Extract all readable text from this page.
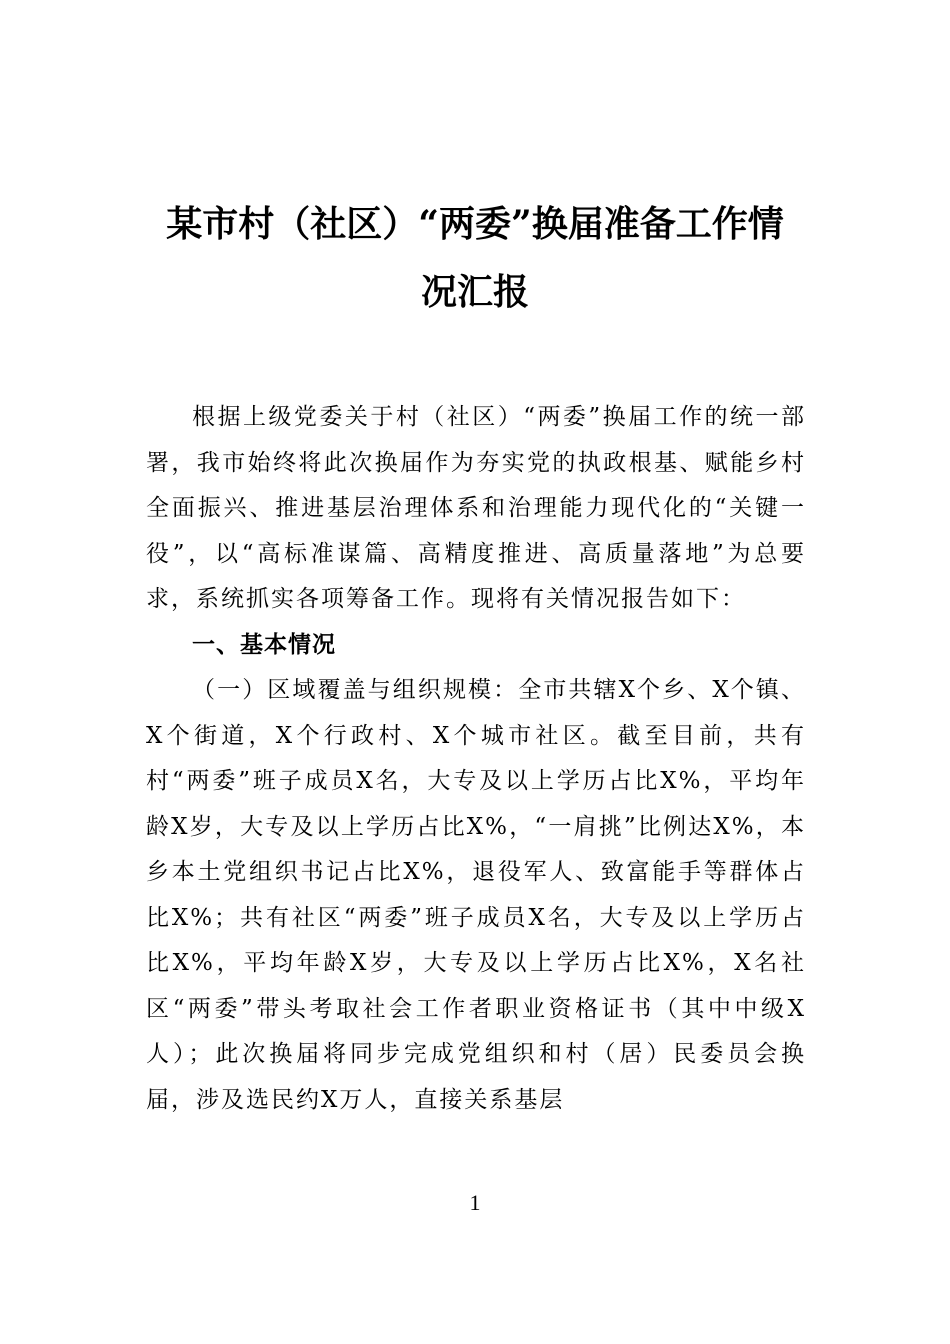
某市村（社区）“两委”换届准备工作情
况汇报

根据上级党委关于村（社区）“两委”换届工作的统一部署，我市始终将此次换届作为夯实党的执政根基、赋能乡村全面振兴、推进基层治理体系和治理能力现代化的“关键一役”，以“高标准谋篇、高精度推进、高质量落地”为总要求，系统抓实各项筹备工作。现将有关情况报告如下：

一、基本情况

（一）区域覆盖与组织规模：全市共辖X个乡、X个镇、X个街道，X个行政村、X个城市社区。截至目前，共有村“两委”班子成员X名，大专及以上学历占比X%，平均年龄X岁，大专及以上学历占比X%，“一肩挑”比例达X%，本乡本土党组织书记占比X%，退役军人、致富能手等群体占比X%；共有社区“两委”班子成员X名，大专及以上学历占比X%，平均年龄X岁，大专及以上学历占比X%，X名社区“两委”带头考取社会工作者职业资格证书（其中中级X人）；此次换届将同步完成党组织和村（居）民委员会换届，涉及选民约X万人，直接关系基层

1
